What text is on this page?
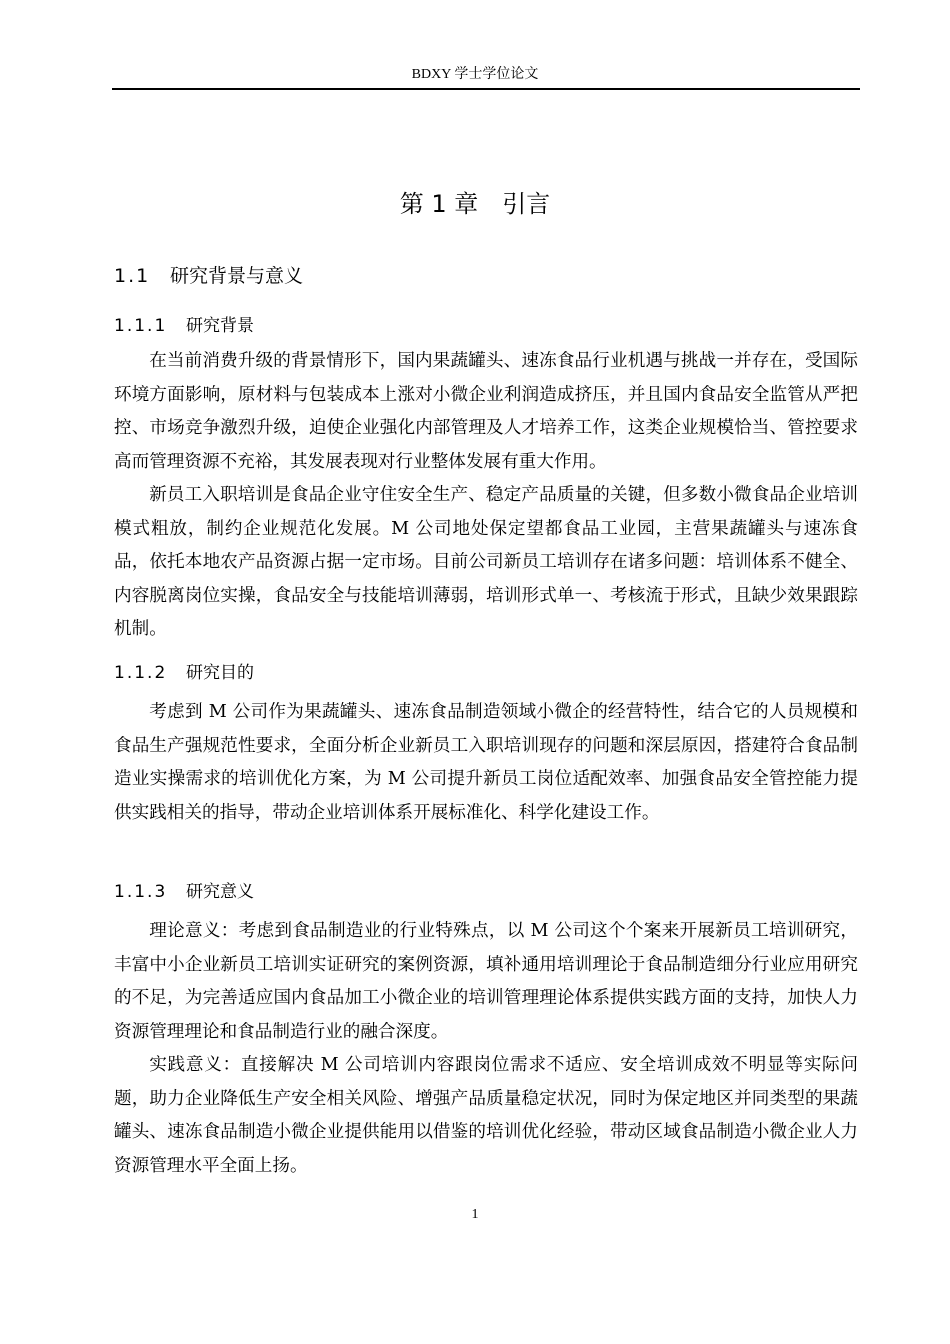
BDXY 学士学位论文
第 1 章　引言
1.1 研究背景与意义
1.1.1 研究背景

在当前消费升级的背景情形下，国内果蔬罐头、速冻食品行业机遇与挑战一并存在，受国际环境方面影响，原材料与包装成本上涨对小微企业利润造成挤压，并且国内食品安全监管从严把控、市场竞争激烈升级，迫使企业强化内部管理及人才培养工作，这类企业规模恰当、管控要求高而管理资源不充裕，其发展表现对行业整体发展有重大作用。

新员工入职培训是食品企业守住安全生产、稳定产品质量的关键，但多数小微食品企业培训模式粗放，制约企业规范化发展。M 公司地处保定望都食品工业园，主营果蔬罐头与速冻食品，依托本地农产品资源占据一定市场。目前公司新员工培训存在诸多问题：培训体系不健全、内容脱离岗位实操，食品安全与技能培训薄弱，培训形式单一、考核流于形式，且缺少效果跟踪机制。

1.1.2 研究目的

考虑到 M 公司作为果蔬罐头、速冻食品制造领域小微企的经营特性，结合它的人员规模和食品生产强规范性要求，全面分析企业新员工入职培训现存的问题和深层原因，搭建符合食品制造业实操需求的培训优化方案，为 M 公司提升新员工岗位适配效率、加强食品安全管控能力提供实践相关的指导，带动企业培训体系开展标准化、科学化建设工作。

1.1.3 研究意义

理论意义：考虑到食品制造业的行业特殊点，以 M 公司这个个案来开展新员工培训研究，丰富中小企业新员工培训实证研究的案例资源，填补通用培训理论于食品制造细分行业应用研究的不足，为完善适应国内食品加工小微企业的培训管理理论体系提供实践方面的支持，加快人力资源管理理论和食品制造行业的融合深度。

实践意义：直接解决 M 公司培训内容跟岗位需求不适应、安全培训成效不明显等实际问题，助力企业降低生产安全相关风险、增强产品质量稳定状况，同时为保定地区并同类型的果蔬罐头、速冻食品制造小微企业提供能用以借鉴的培训优化经验，带动区域食品制造小微企业人力资源管理水平全面上扬。

1
